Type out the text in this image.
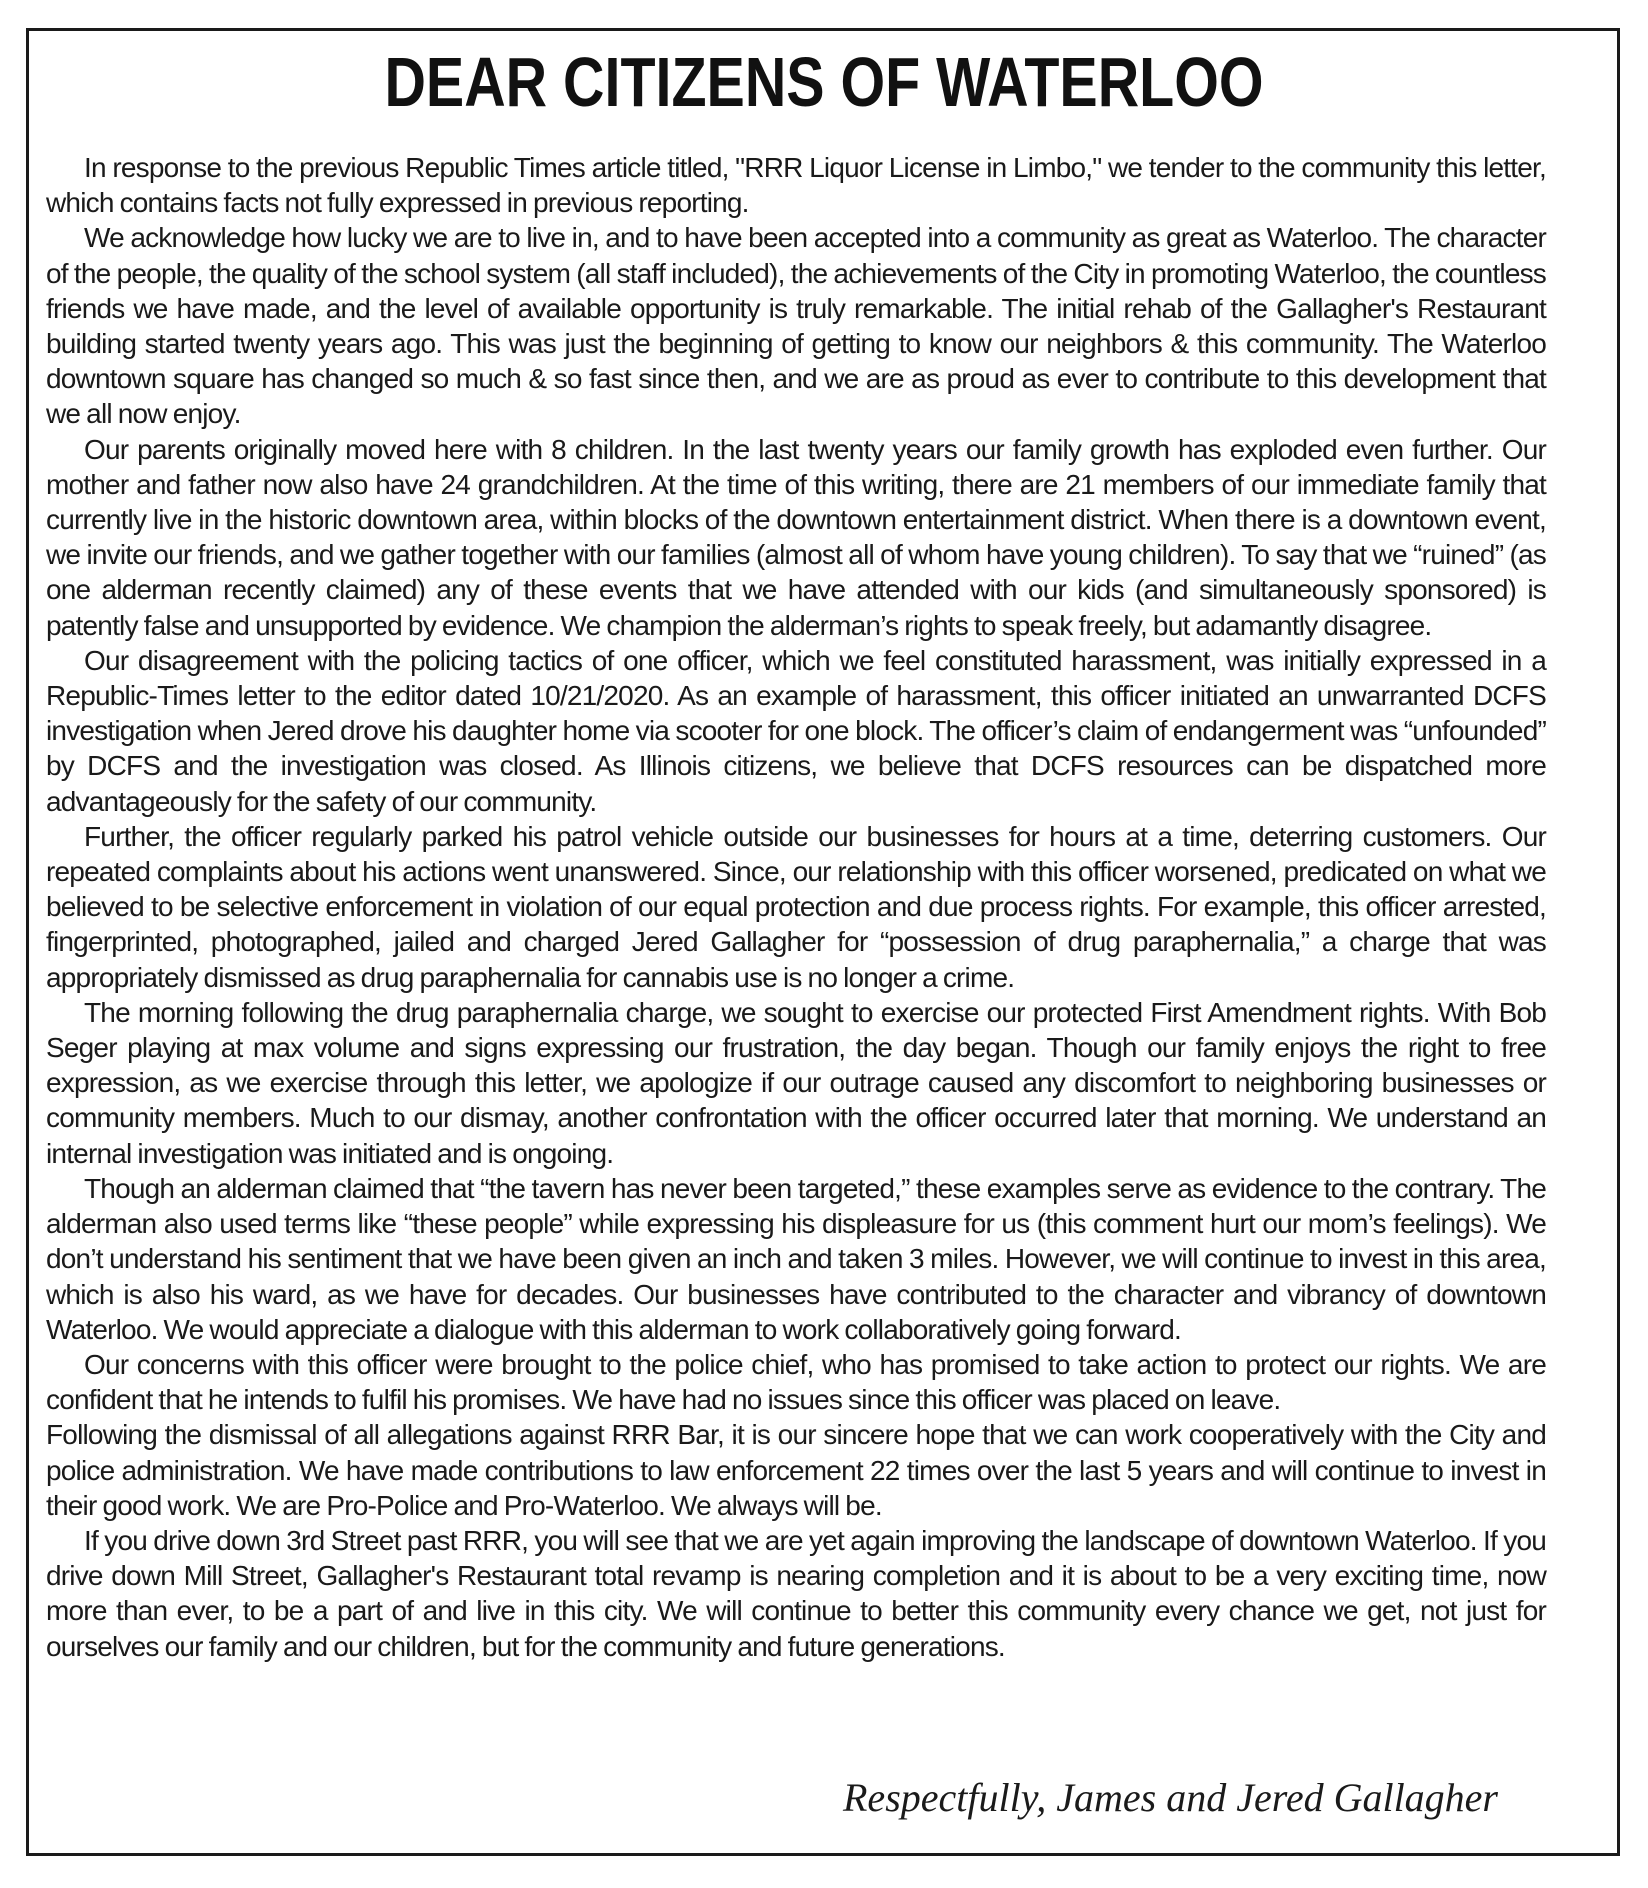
DEAR CITIZENS OF WATERLOO

In response to the previous Republic Times article titled, "RRR Liquor License in Limbo," we tender to the community this letter, which contains facts not fully expressed in previous reporting.

We acknowledge how lucky we are to live in, and to have been accepted into a community as great as Waterloo. The character of the people, the quality of the school system (all staff included), the achievements of the City in promoting Waterloo, the countless friends we have made, and the level of available opportunity is truly remarkable. The initial rehab of the Gallagher's Restaurant building started twenty years ago. This was just the beginning of getting to know our neighbors & this community. The Waterloo downtown square has changed so much & so fast since then, and we are as proud as ever to contribute to this development that we all now enjoy.

Our parents originally moved here with 8 children. In the last twenty years our family growth has exploded even further. Our mother and father now also have 24 grandchildren. At the time of this writing, there are 21 members of our immediate family that currently live in the historic downtown area, within blocks of the downtown entertainment district. When there is a downtown event, we invite our friends, and we gather together with our families (almost all of whom have young children). To say that we “ruined” (as one alderman recently claimed) any of these events that we have attended with our kids (and simultaneously sponsored) is patently false and unsupported by evidence. We champion the alderman’s rights to speak freely, but adamantly disagree.

Our disagreement with the policing tactics of one officer, which we feel constituted harassment, was initially expressed in a Republic-Times letter to the editor dated 10/21/2020. As an example of harassment, this officer initiated an unwarranted DCFS investigation when Jered drove his daughter home via scooter for one block. The officer’s claim of endangerment was “unfounded” by DCFS and the investigation was closed. As Illinois citizens, we believe that DCFS resources can be dispatched more advantageously for the safety of our community.

Further, the officer regularly parked his patrol vehicle outside our businesses for hours at a time, deterring customers. Our repeated complaints about his actions went unanswered. Since, our relationship with this officer worsened, predicated on what we believed to be selective enforcement in violation of our equal protection and due process rights. For example, this officer arrested, fingerprinted, photographed, jailed and charged Jered Gallagher for “possession of drug paraphernalia,” a charge that was appropriately dismissed as drug paraphernalia for cannabis use is no longer a crime.

The morning following the drug paraphernalia charge, we sought to exercise our protected First Amendment rights. With Bob Seger playing at max volume and signs expressing our frustration, the day began. Though our family enjoys the right to free expression, as we exercise through this letter, we apologize if our outrage caused any discomfort to neighboring businesses or community members. Much to our dismay, another confrontation with the officer occurred later that morning. We understand an internal investigation was initiated and is ongoing.

Though an alderman claimed that “the tavern has never been targeted,” these examples serve as evidence to the contrary. The alderman also used terms like “these people” while expressing his displeasure for us (this comment hurt our mom’s feelings). We don’t understand his sentiment that we have been given an inch and taken 3 miles. However, we will continue to invest in this area, which is also his ward, as we have for decades. Our businesses have contributed to the character and vibrancy of downtown Waterloo. We would appreciate a dialogue with this alderman to work collaboratively going forward.

Our concerns with this officer were brought to the police chief, who has promised to take action to protect our rights. We are confident that he intends to fulfil his promises. We have had no issues since this officer was placed on leave.

Following the dismissal of all allegations against RRR Bar, it is our sincere hope that we can work cooperatively with the City and police administration. We have made contributions to law enforcement 22 times over the last 5 years and will continue to invest in their good work. We are Pro-Police and Pro-Waterloo. We always will be.

If you drive down 3rd Street past RRR, you will see that we are yet again improving the landscape of downtown Waterloo. If you drive down Mill Street, Gallagher's Restaurant total revamp is nearing completion and it is about to be a very exciting time, now more than ever, to be a part of and live in this city. We will continue to better this community every chance we get, not just for ourselves our family and our children, but for the community and future generations.

Respectfully, James and Jered Gallagher
